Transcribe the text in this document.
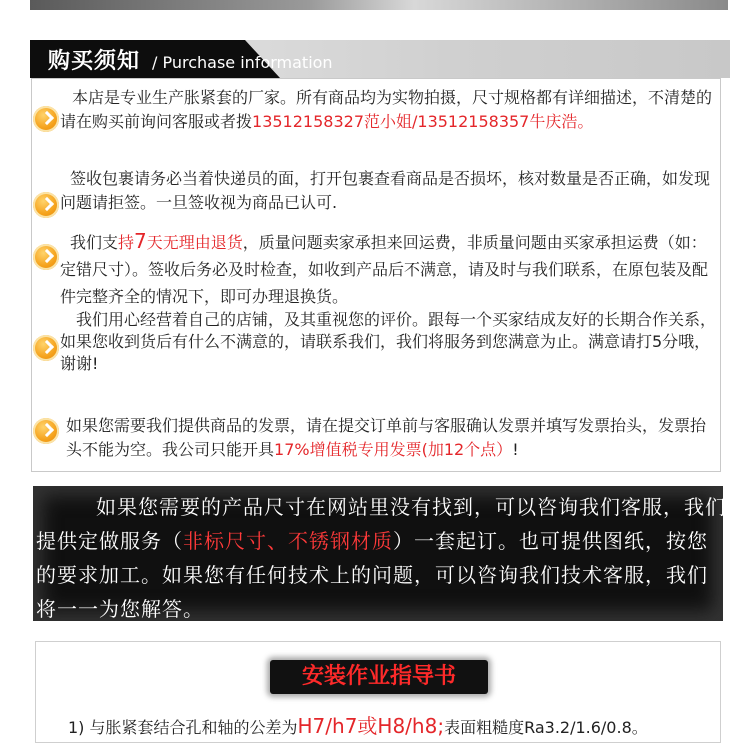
购买须知 / Purchase information
本店是专业生产胀紧套的厂家。所有商品均为实物拍摄，尺寸规格都有详细描述，不清楚的请在购买前询问客服或者拨13512158327范小姐/13512158357牛庆浩。
签收包裹请务必当着快递员的面，打开包裹查看商品是否损坏，核对数量是否正确，如发现问题请拒签。一旦签收视为商品已认可.
我们支持7天无理由退货，质量问题卖家承担来回运费，非质量问题由买家承担运费（如：定错尺寸）。签收后务必及时检查，如收到产品后不满意，请及时与我们联系，在原包装及配件完整齐全的情况下，即可办理退换货。
我们用心经营着自己的店铺，及其重视您的评价。跟每一个买家结成友好的长期合作关系，如果您收到货后有什么不满意的，请联系我们，我们将服务到您满意为止。满意请打5分哦，谢谢!
如果您需要我们提供商品的发票，请在提交订单前与客服确认发票并填写发票抬头，发票抬头不能为空。我公司只能开具17%增值税专用发票(加12个点）!
如果您需要的产品尺寸在网站里没有找到，可以咨询我们客服，我们提供定做服务（非标尺寸、不锈钢材质）一套起订。也可提供图纸，按您的要求加工。如果您有任何技术上的问题，可以咨询我们技术客服，我们将一一为您解答。
安装作业指导书
1) 与胀紧套结合孔和轴的公差为H7/h7或H8/h8;表面粗糙度Ra3.2/1.6/0.8。
